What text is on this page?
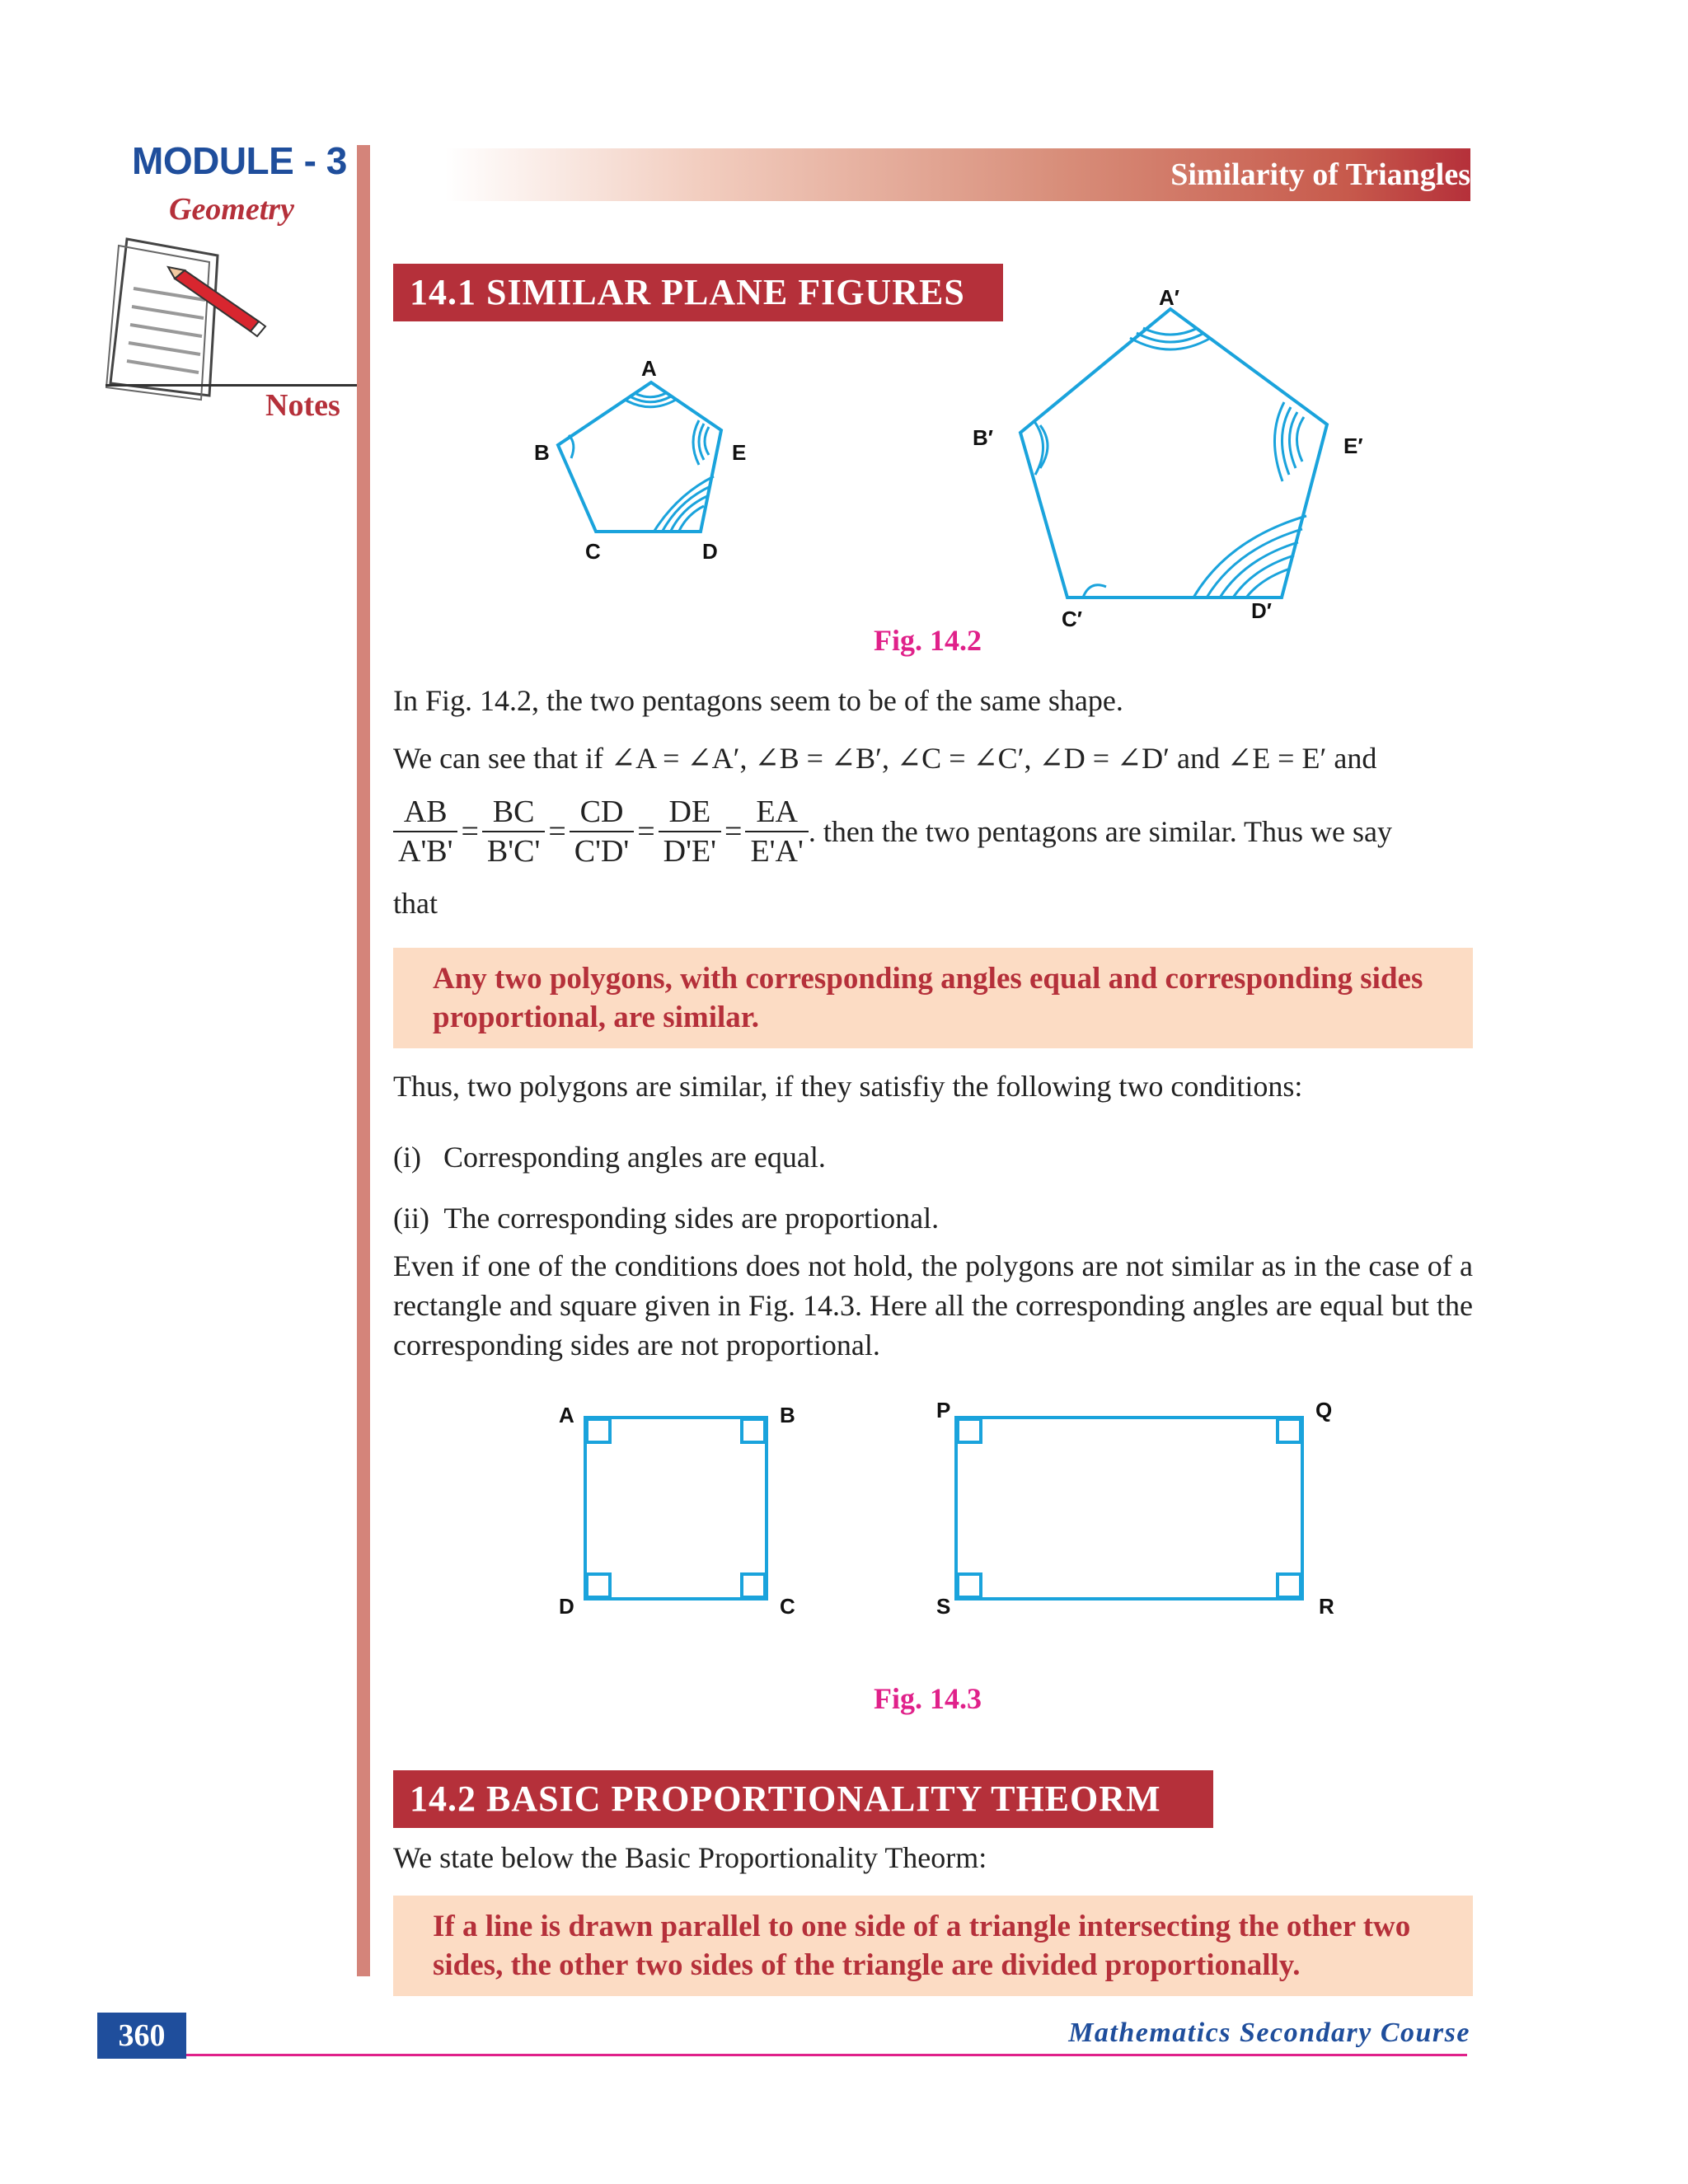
MODULE - 3
Geometry
Notes
Similarity of Triangles
14.1 SIMILAR PLANE FIGURES
A
B
C	D
E
A′
B′
C′	D′
E′
Fig. 14.2
In Fig. 14.2, the two pentagons seem to be of the same shape.
We can see that if ∠A = ∠A′, ∠B = ∠B′, ∠C = ∠C′, ∠D = ∠D′ and ∠E = E′ and
$\frac{AB}{A'B'} = \frac{BC}{B'C'} = \frac{CD}{C'D'} = \frac{DE}{D'E'} = \frac{EA}{E'A'}$ . then the two pentagons are similar. Thus we say
that
Any two polygons, with corresponding angles equal and corresponding sides proportional, are similar.
Thus, two polygons are similar, if they satisfiy the following two conditions:
(i)   Corresponding angles are equal.
(ii)  The corresponding sides are proportional.
Even if one of the conditions does not hold, the polygons are not similar as in the case of a rectangle and square given in Fig. 14.3. Here all the corresponding angles are equal but the corresponding sides are not proportional.
A	B
C
D
P	Q
R
S
Fig. 14.3
14.2 BASIC PROPORTIONALITY THEORM
We state below the Basic Proportionality Theorm:
If a line is drawn parallel to one side of a triangle intersecting the other two sides, the other two sides of the triangle are divided proportionally.
360	Mathematics Secondary Course
